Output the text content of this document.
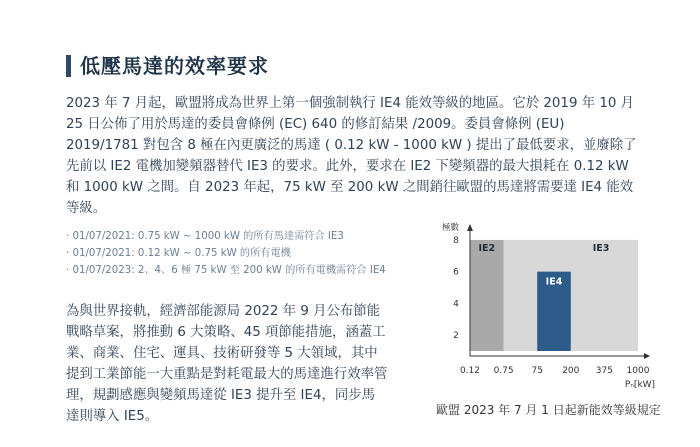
低壓馬達的效率要求

2023 年 7 月起，歐盟將成為世界上第一個強制執行 IE4 能效等級的地區。它於 2019 年 10 月 25 日公佈了用於馬達的委員會條例 (EC) 640 的修訂結果 /2009。委員會條例 (EU) 2019/1781 對包含 8 極在內更廣泛的馬達 ( 0.12 kW - 1000 kW ) 提出了最低要求，並廢除了先前以 IE2 電機加變頻器替代 IE3 的要求。此外，要求在 IE2 下變頻器的最大損耗在 0.12 kW 和 1000 kW 之間。自 2023 年起，75 kW 至 200 kW 之間銷往歐盟的馬達將需要達 IE4 能效等級。

· 01/07/2021: 0.75 kW ~ 1000 kW 的所有馬達需符合 IE3
· 01/07/2021: 0.12 kW ~ 0.75 kW 的所有電機
· 01/07/2023: 2、4、6 極 75 kW 至 200 kW 的所有電機需符合 IE4

為與世界接軌，經濟部能源局 2022 年 9 月公布節能戰略草案，將推動 6 大策略、45 項節能措施，涵蓋工業、商業、住宅、運具、技術研發等 5 大領域，其中提到工業節能一大重點是對耗電最大的馬達進行效率管理，規劃感應與變頻馬達從 IE3 提升至 IE4，同步馬達則導入 IE5。

IE2	IE3
IE4
極數
2
4
6
8
0.12 0.75 75 200 375 1000
Pₙ[kW]
歐盟 2023 年 7 月 1 日起新能效等級規定
